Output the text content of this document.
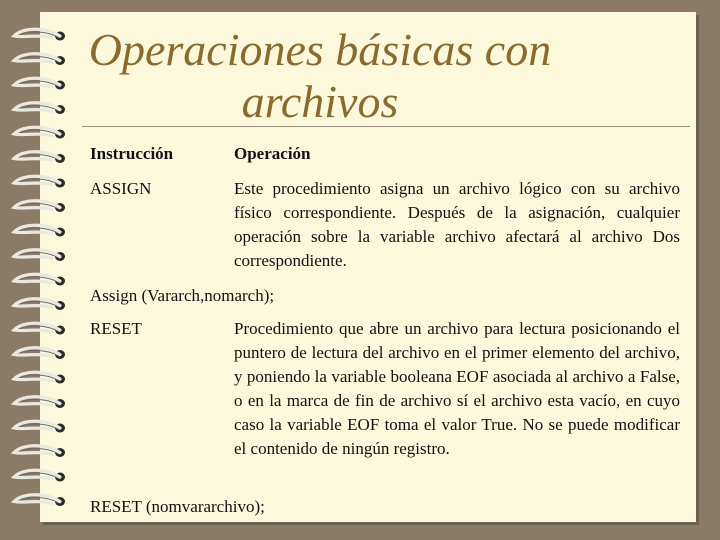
Operaciones básicas con archivos
Instrucción	Operación
ASSIGN	Este procedimiento asigna un archivo lógico con su archivo físico correspondiente. Después de la asignación, cualquier operación sobre la variable archivo afectará al archivo Dos correspondiente.
Assign (Vararch,nomarch);
RESET	Procedimiento que abre un archivo para lectura posicionando el puntero de lectura del archivo en el primer elemento del archivo, y poniendo la variable booleana EOF asociada al archivo a False, o en la marca de fin de archivo sí el archivo esta vacío, en cuyo caso la variable EOF toma el valor True. No se puede modificar el contenido de ningún registro.
RESET (nomvararchivo);
